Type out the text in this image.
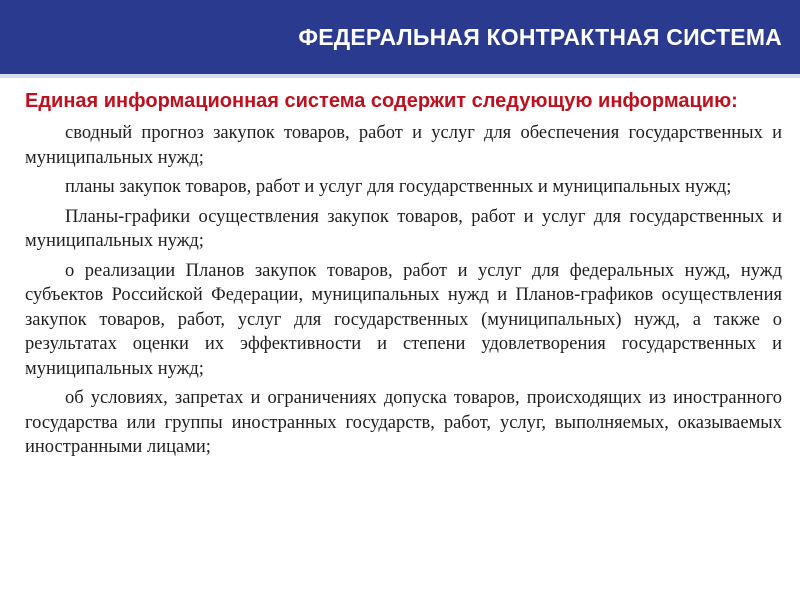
ФЕДЕРАЛЬНАЯ КОНТРАКТНАЯ СИСТЕМА
Единая информационная система содержит следующую информацию:

сводный прогноз закупок товаров, работ и услуг для обеспечения государственных и муниципальных нужд;

планы закупок товаров, работ и услуг для государственных и муниципальных нужд;

Планы-графики осуществления закупок товаров, работ и услуг для государственных и муниципальных нужд;

о реализации Планов закупок товаров, работ и услуг для федеральных нужд, нужд субъектов Российской Федерации, муниципальных нужд и Планов-графиков осуществления закупок товаров, работ, услуг для государственных (муниципальных) нужд, а также о результатах оценки их эффективности и степени удовлетворения государственных и муниципальных нужд;

об условиях, запретах и ограничениях допуска товаров, происходящих из иностранного государства или группы иностранных государств, работ, услуг, выполняемых, оказываемых иностранными лицами;
